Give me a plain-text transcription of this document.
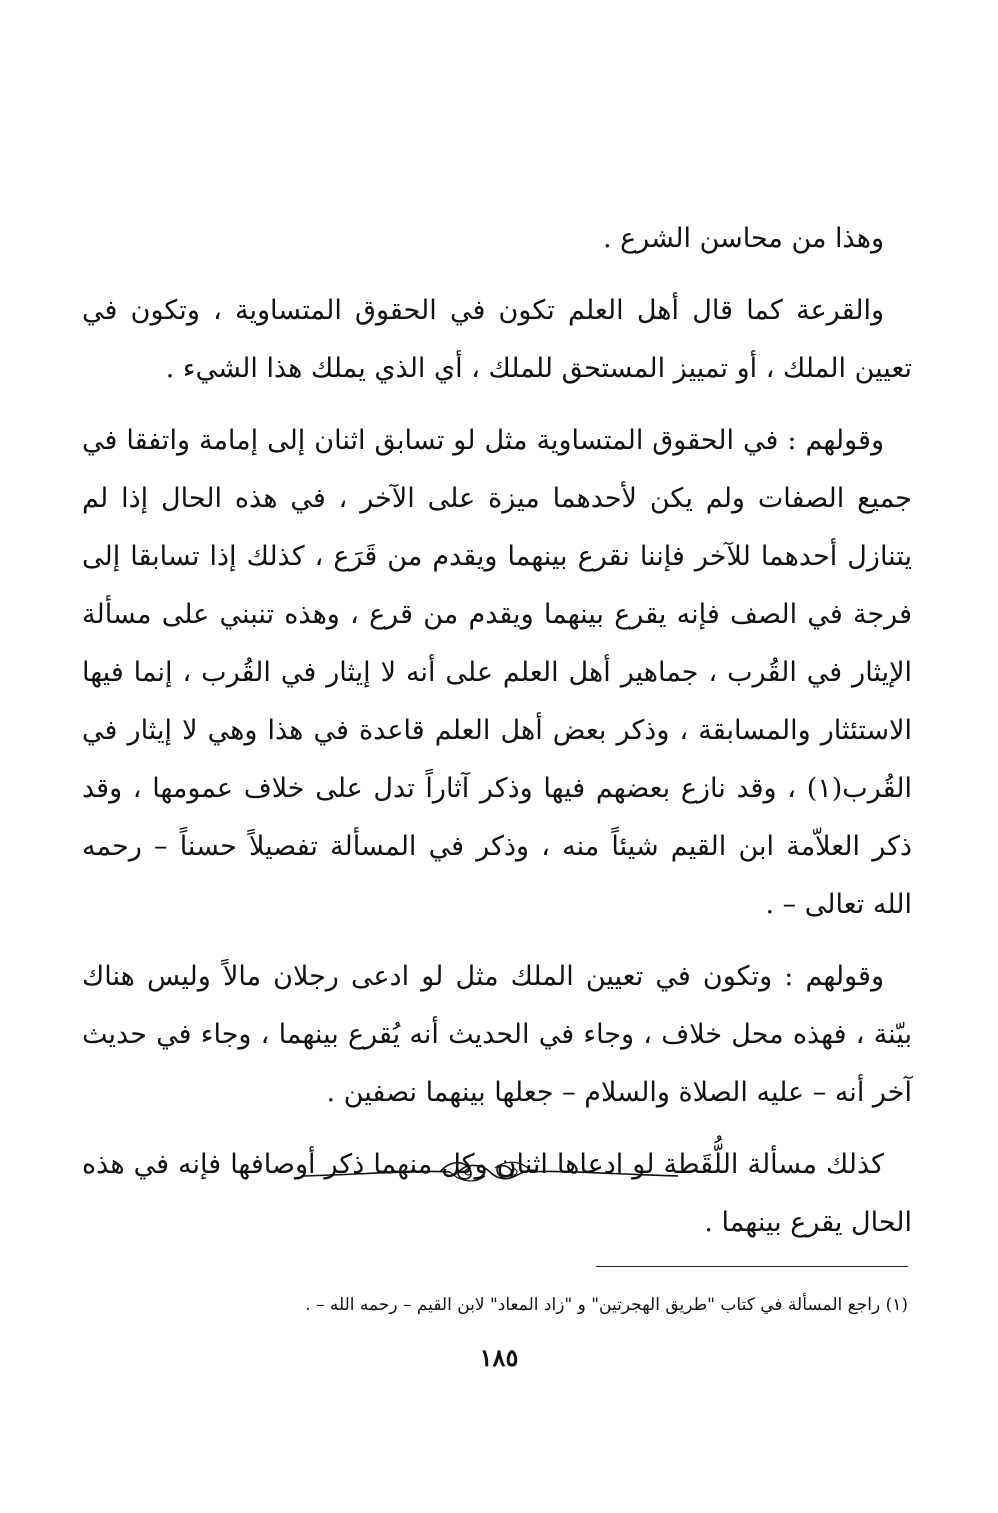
وهذا من محاسن الشرع .

والقرعة كما قال أهل العلم تكون في الحقوق المتساوية ، وتكون في تعيين الملك ، أو تمييز المستحق للملك ، أي الذي يملك هذا الشيء .

وقولهم : في الحقوق المتساوية مثل لو تسابق اثنان إلى إمامة واتفقا في جميع الصفات ولم يكن لأحدهما ميزة على الآخر ، في هذه الحال إذا لم يتنازل أحدهما للآخر فإننا نقرع بينهما ويقدم من قَرَع ، كذلك إذا تسابقا إلى فرجة في الصف فإنه يقرع بينهما ويقدم من قرع ، وهذه تنبني على مسألة الإيثار في القُرب ، جماهير أهل العلم على أنه لا إيثار في القُرب ، إنما فيها الاستئثار والمسابقة ، وذكر بعض أهل العلم قاعدة في هذا وهي لا إيثار في القُرب(١) ، وقد نازع بعضهم فيها وذكر آثاراً تدل على خلاف عمومها ، وقد ذكر العلاّمة ابن القيم شيئاً منه ، وذكر في المسألة تفصيلاً حسناً – رحمه الله تعالى – .

وقولهم : وتكون في تعيين الملك مثل لو ادعى رجلان مالاً وليس هناك بيّنة ، فهذه محل خلاف ، وجاء في الحديث أنه يُقرع بينهما ، وجاء في حديث آخر أنه – عليه الصلاة والسلام – جعلها بينهما نصفين .

كذلك مسألة اللُّقَطة لو ادعاها اثنان وكل منهما ذكر أوصافها فإنه في هذه الحال يقرع بينهما .

(١) راجع المسألة في كتاب "طريق الهجرتين" و "زاد المعاد" لابن القيم – رحمه الله – .
١٨٥
